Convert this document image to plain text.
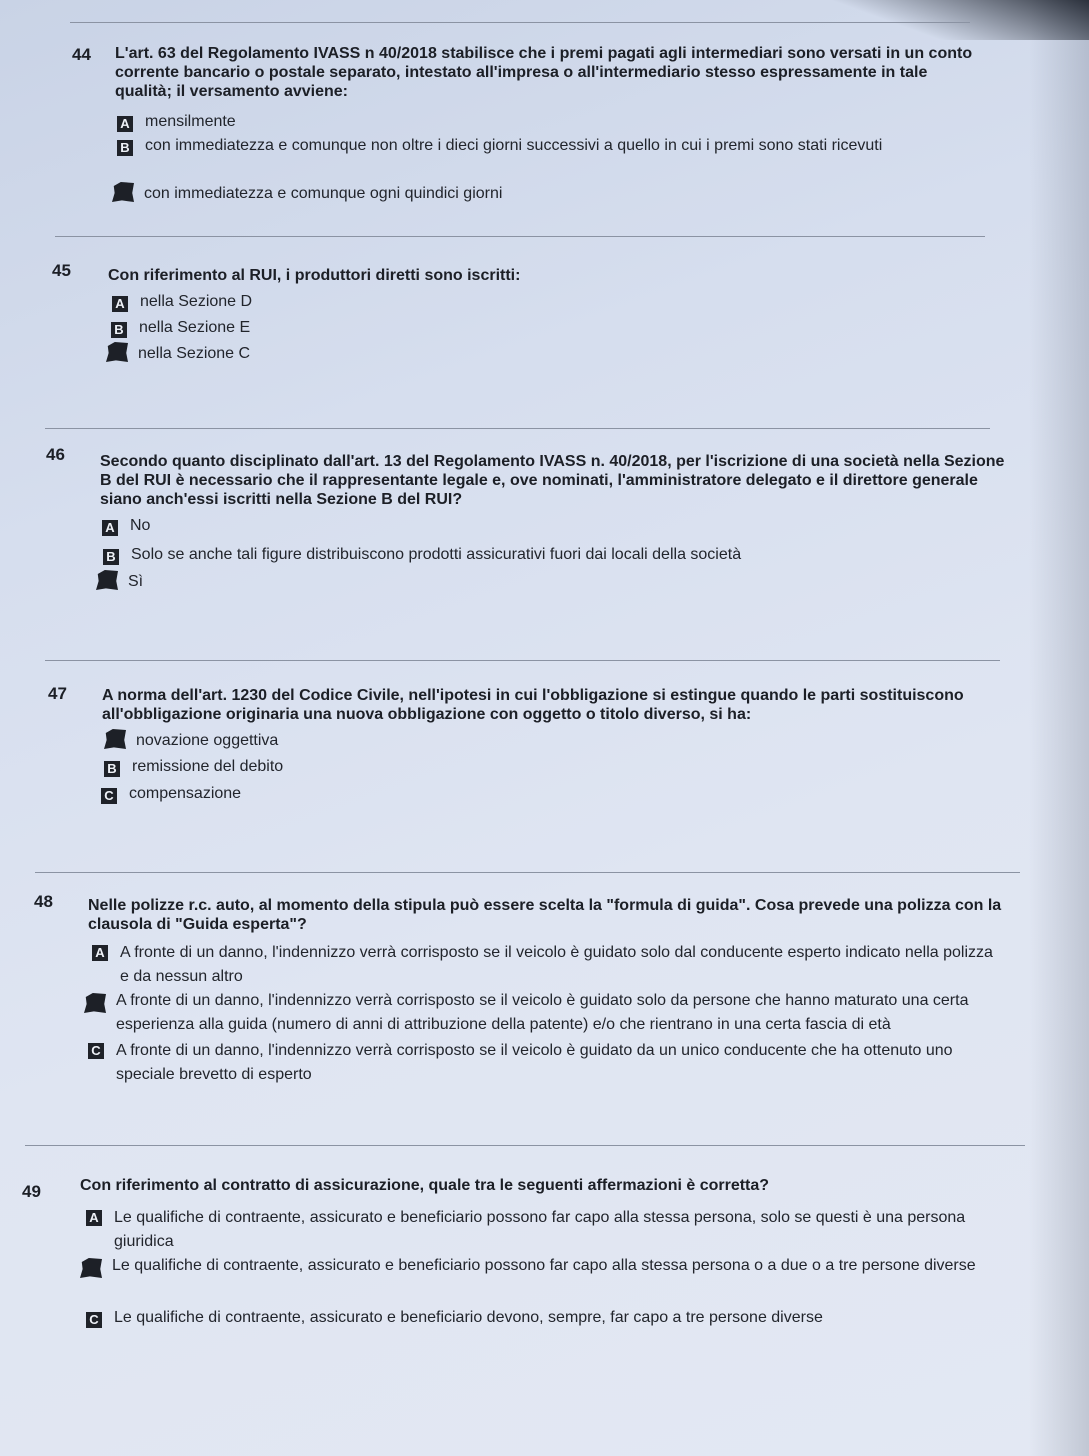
44 L'art. 63 del Regolamento IVASS n 40/2018 stabilisce che i premi pagati agli intermediari sono versati in un conto corrente bancario o postale separato, intestato all'impresa o all'intermediario stesso espressamente in tale qualità; il versamento avviene:
A mensilmente
B con immediatezza e comunque non oltre i dieci giorni successivi a quello in cui i premi sono stati ricevuti
con immediatezza e comunque ogni quindici giorni
45 Con riferimento al RUI, i produttori diretti sono iscritti:
A nella Sezione D
B nella Sezione E
nella Sezione C
46 Secondo quanto disciplinato dall'art. 13 del Regolamento IVASS n. 40/2018, per l'iscrizione di una società nella Sezione B del RUI è necessario che il rappresentante legale e, ove nominati, l'amministratore delegato e il direttore generale siano anch'essi iscritti nella Sezione B del RUI?
A No
B Solo se anche tali figure distribuiscono prodotti assicurativi fuori dai locali della società
Sì
47 A norma dell'art. 1230 del Codice Civile, nell'ipotesi in cui l'obbligazione si estingue quando le parti sostituiscono all'obbligazione originaria una nuova obbligazione con oggetto o titolo diverso, si ha:
novazione oggettiva
B remissione del debito
C compensazione
48 Nelle polizze r.c. auto, al momento della stipula può essere scelta la "formula di guida". Cosa prevede una polizza con la clausola di "Guida esperta"?
A A fronte di un danno, l'indennizzo verrà corrisposto se il veicolo è guidato solo dal conducente esperto indicato nella polizza e da nessun altro
A fronte di un danno, l'indennizzo verrà corrisposto se il veicolo è guidato solo da persone che hanno maturato una certa esperienza alla guida (numero di anni di attribuzione della patente) e/o che rientrano in una certa fascia di età
C A fronte di un danno, l'indennizzo verrà corrisposto se il veicolo è guidato da un unico conducente che ha ottenuto uno speciale brevetto di esperto
49 Con riferimento al contratto di assicurazione, quale tra le seguenti affermazioni è corretta?
A Le qualifiche di contraente, assicurato e beneficiario possono far capo alla stessa persona, solo se questi è una persona giuridica
Le qualifiche di contraente, assicurato e beneficiario possono far capo alla stessa persona o a due o a tre persone diverse
C Le qualifiche di contraente, assicurato e beneficiario devono, sempre, far capo a tre persone diverse
